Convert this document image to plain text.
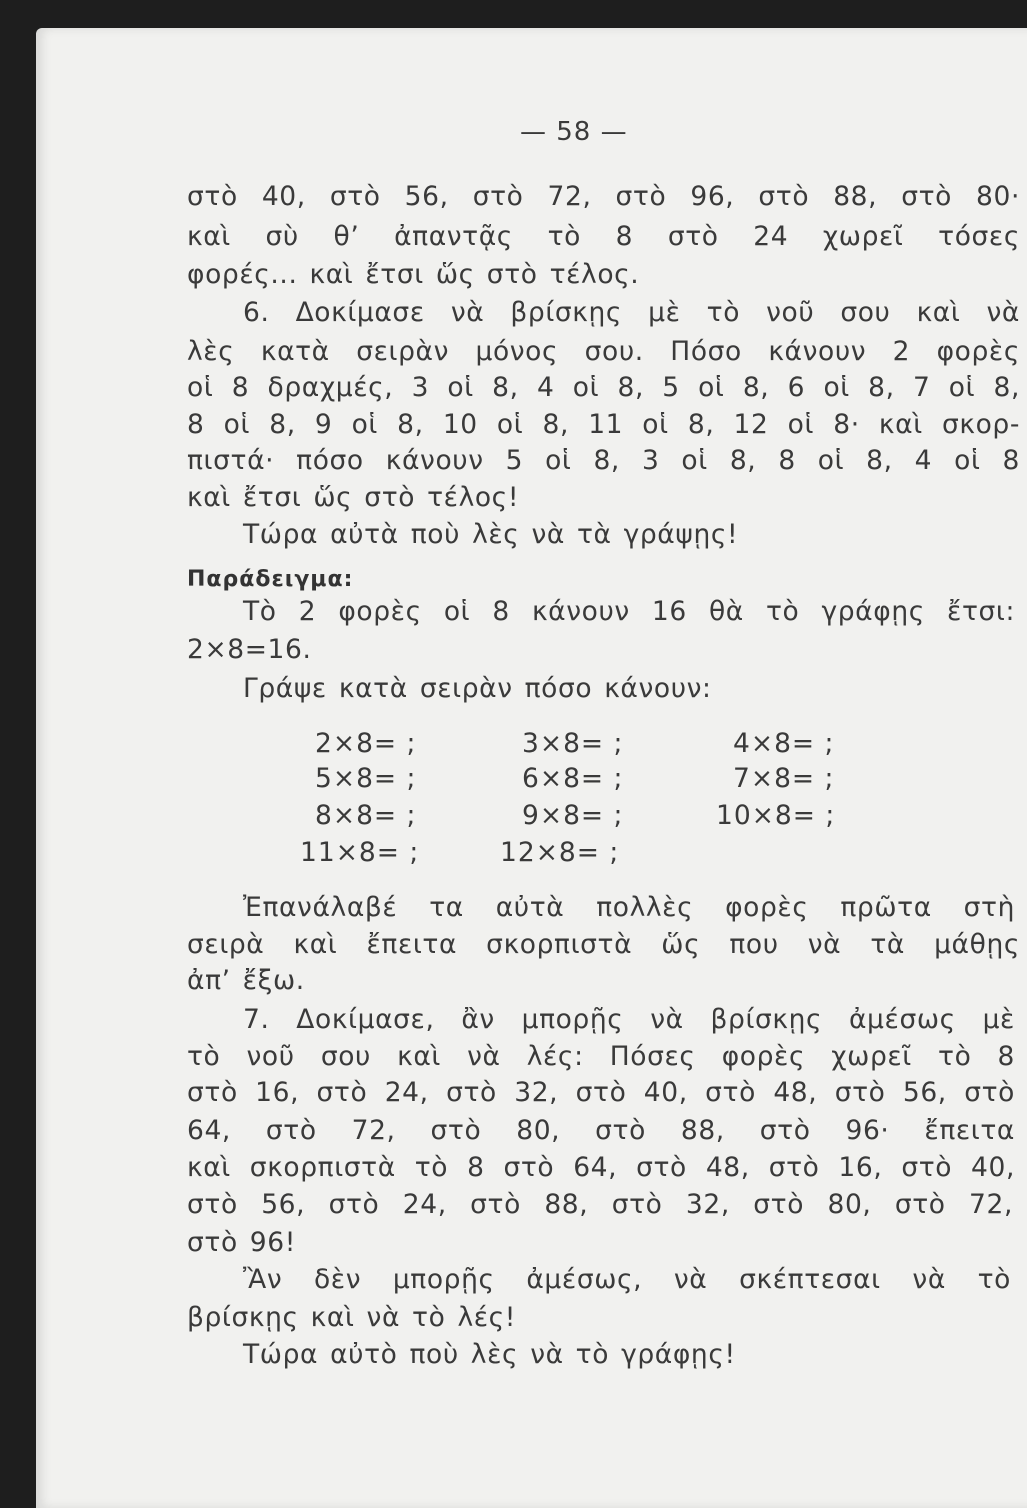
— 58 —
στὸ 40, στὸ 56, στὸ 72, στὸ 96, στὸ 88, στὸ 80·
καὶ σὺ θ’ ἀπαντᾷς τὸ 8 στὸ 24 χωρεῖ τόσες
φορές... καὶ ἔτσι ὥς στὸ τέλος.
6. Δοκίμασε νὰ βρίσκῃς μὲ τὸ νοῦ σου καὶ νὰ
λὲς κατὰ σειρὰν μόνος σου. Πόσο κάνουν 2 φορὲς
οἱ 8 δραχμές, 3 οἱ 8, 4 οἱ 8, 5 οἱ 8, 6 οἱ 8, 7 οἱ 8,
8 οἱ 8, 9 οἱ 8, 10 οἱ 8, 11 οἱ 8, 12 οἱ 8· καὶ σκορ-
πιστά· πόσο κάνουν 5 οἱ 8, 3 οἱ 8, 8 οἱ 8, 4 οἱ 8
καὶ ἔτσι ὥς στὸ τέλος!
Τώρα αὐτὰ ποὺ λὲς νὰ τὰ γράψῃς!
Παράδειγμα:
Τὸ 2 φορὲς οἱ 8 κάνουν 16 θὰ τὸ γράφῃς ἔτσι:
2×8=16.
Γράψε κατὰ σειρὰν πόσο κάνουν:
2×8= ;	3×8= ;	4×8= ;
5×8= ;	6×8= ;	7×8= ;
8×8= ;	9×8= ;	10×8= ;
11×8= ;	12×8= ;
Ἐπανάλαβέ τα αὐτὰ πολλὲς φορὲς πρῶτα στὴ
σειρὰ καὶ ἔπειτα σκορπιστὰ ὥς που νὰ τὰ μάθῃς
ἀπ’ ἔξω.
7. Δοκίμασε, ἂν μπορῇς νὰ βρίσκῃς ἀμέσως μὲ
τὸ νοῦ σου καὶ νὰ λές: Πόσες φορὲς χωρεῖ τὸ 8
στὸ 16, στὸ 24, στὸ 32, στὸ 40, στὸ 48, στὸ 56, στὸ
64, στὸ 72, στὸ 80, στὸ 88, στὸ 96· ἔπειτα
καὶ σκορπιστὰ τὸ 8 στὸ 64, στὸ 48, στὸ 16, στὸ 40,
στὸ 56, στὸ 24, στὸ 88, στὸ 32, στὸ 80, στὸ 72,
στὸ 96!
Ἂν δὲν μπορῇς ἀμέσως, νὰ σκέπτεσαι νὰ τὸ
βρίσκῃς καὶ νὰ τὸ λές!
Τώρα αὐτὸ ποὺ λὲς νὰ τὸ γράφῃς!
